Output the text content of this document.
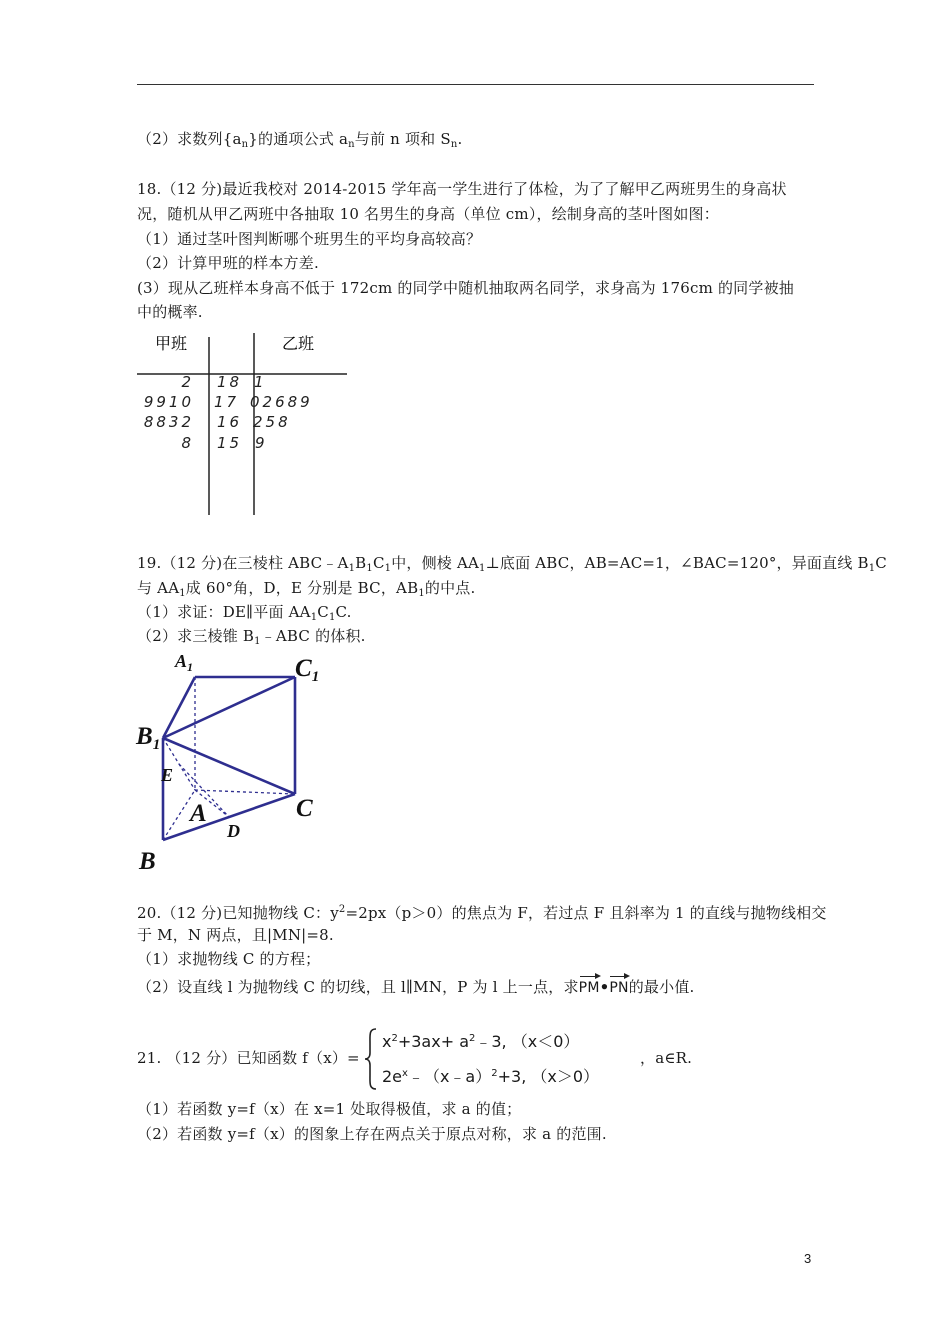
（2）求数列$\{a_n\}$的通项公式 $a_n$与前 n 项和 $S_n$.
18.（12 分)最近我校对 2014-2015 学年高一学生进行了体检，为了了解甲乙两班男生的身高状
况，随机从甲乙两班中各抽取 10 名男生的身高（单位 cm），绘制身高的茎叶图如图：
（1）通过茎叶图判断哪个班男生的平均身高较高？
（2）计算甲班的样本方差.
(3）现从乙班样本身高不低于 172cm 的同学中随机抽取两名同学，求身高为 176cm 的同学被抽
中的概率.
甲班	乙班
2 18 1
9910 17 02689
8832 16 258
8 15 9
19.（12 分)在三棱柱 $ABC﹣A_1B_1C_1$中，侧棱 $AA_1\perp$底面 ABC，AB=AC=1，∠BAC=120°，异面直线 $B_1C$
与 $AA_1$成 60°角，D，E 分别是 BC，$AB_1$的中点.
（1）求证：DE∥平面 $AA_1C_1C$.
（2）求三棱锥 $B_1﹣ABC$ 的体积.
$A_1$	$C_1$
$B_1$
E
A
D
C
B
20.（12 分)已知抛物线 C：$y^2=2px(p>0)$的焦点为 F，若过点 F 且斜率为 1 的直线与抛物线相交
于 M，N 两点，且|MN|=8.
（1）求抛物线 C 的方程；
（2）设直线 l 为抛物线 C 的切线，且 l∥MN，P 为 l 上一点，求PM•PN的最小值.
21. （12 分）已知函数 f（x）=
$x^2+3ax+$ $a^2﹣3$, （x＜0）
$2e^x﹣(x﹣a)^2+3$, （x＞0）
，a∈R.
（1）若函数 y=f（x）在 x=1 处取得极值，求 a 的值；
（2）若函数 y=f（x）的图象上存在两点关于原点对称，求 a 的范围.
3
